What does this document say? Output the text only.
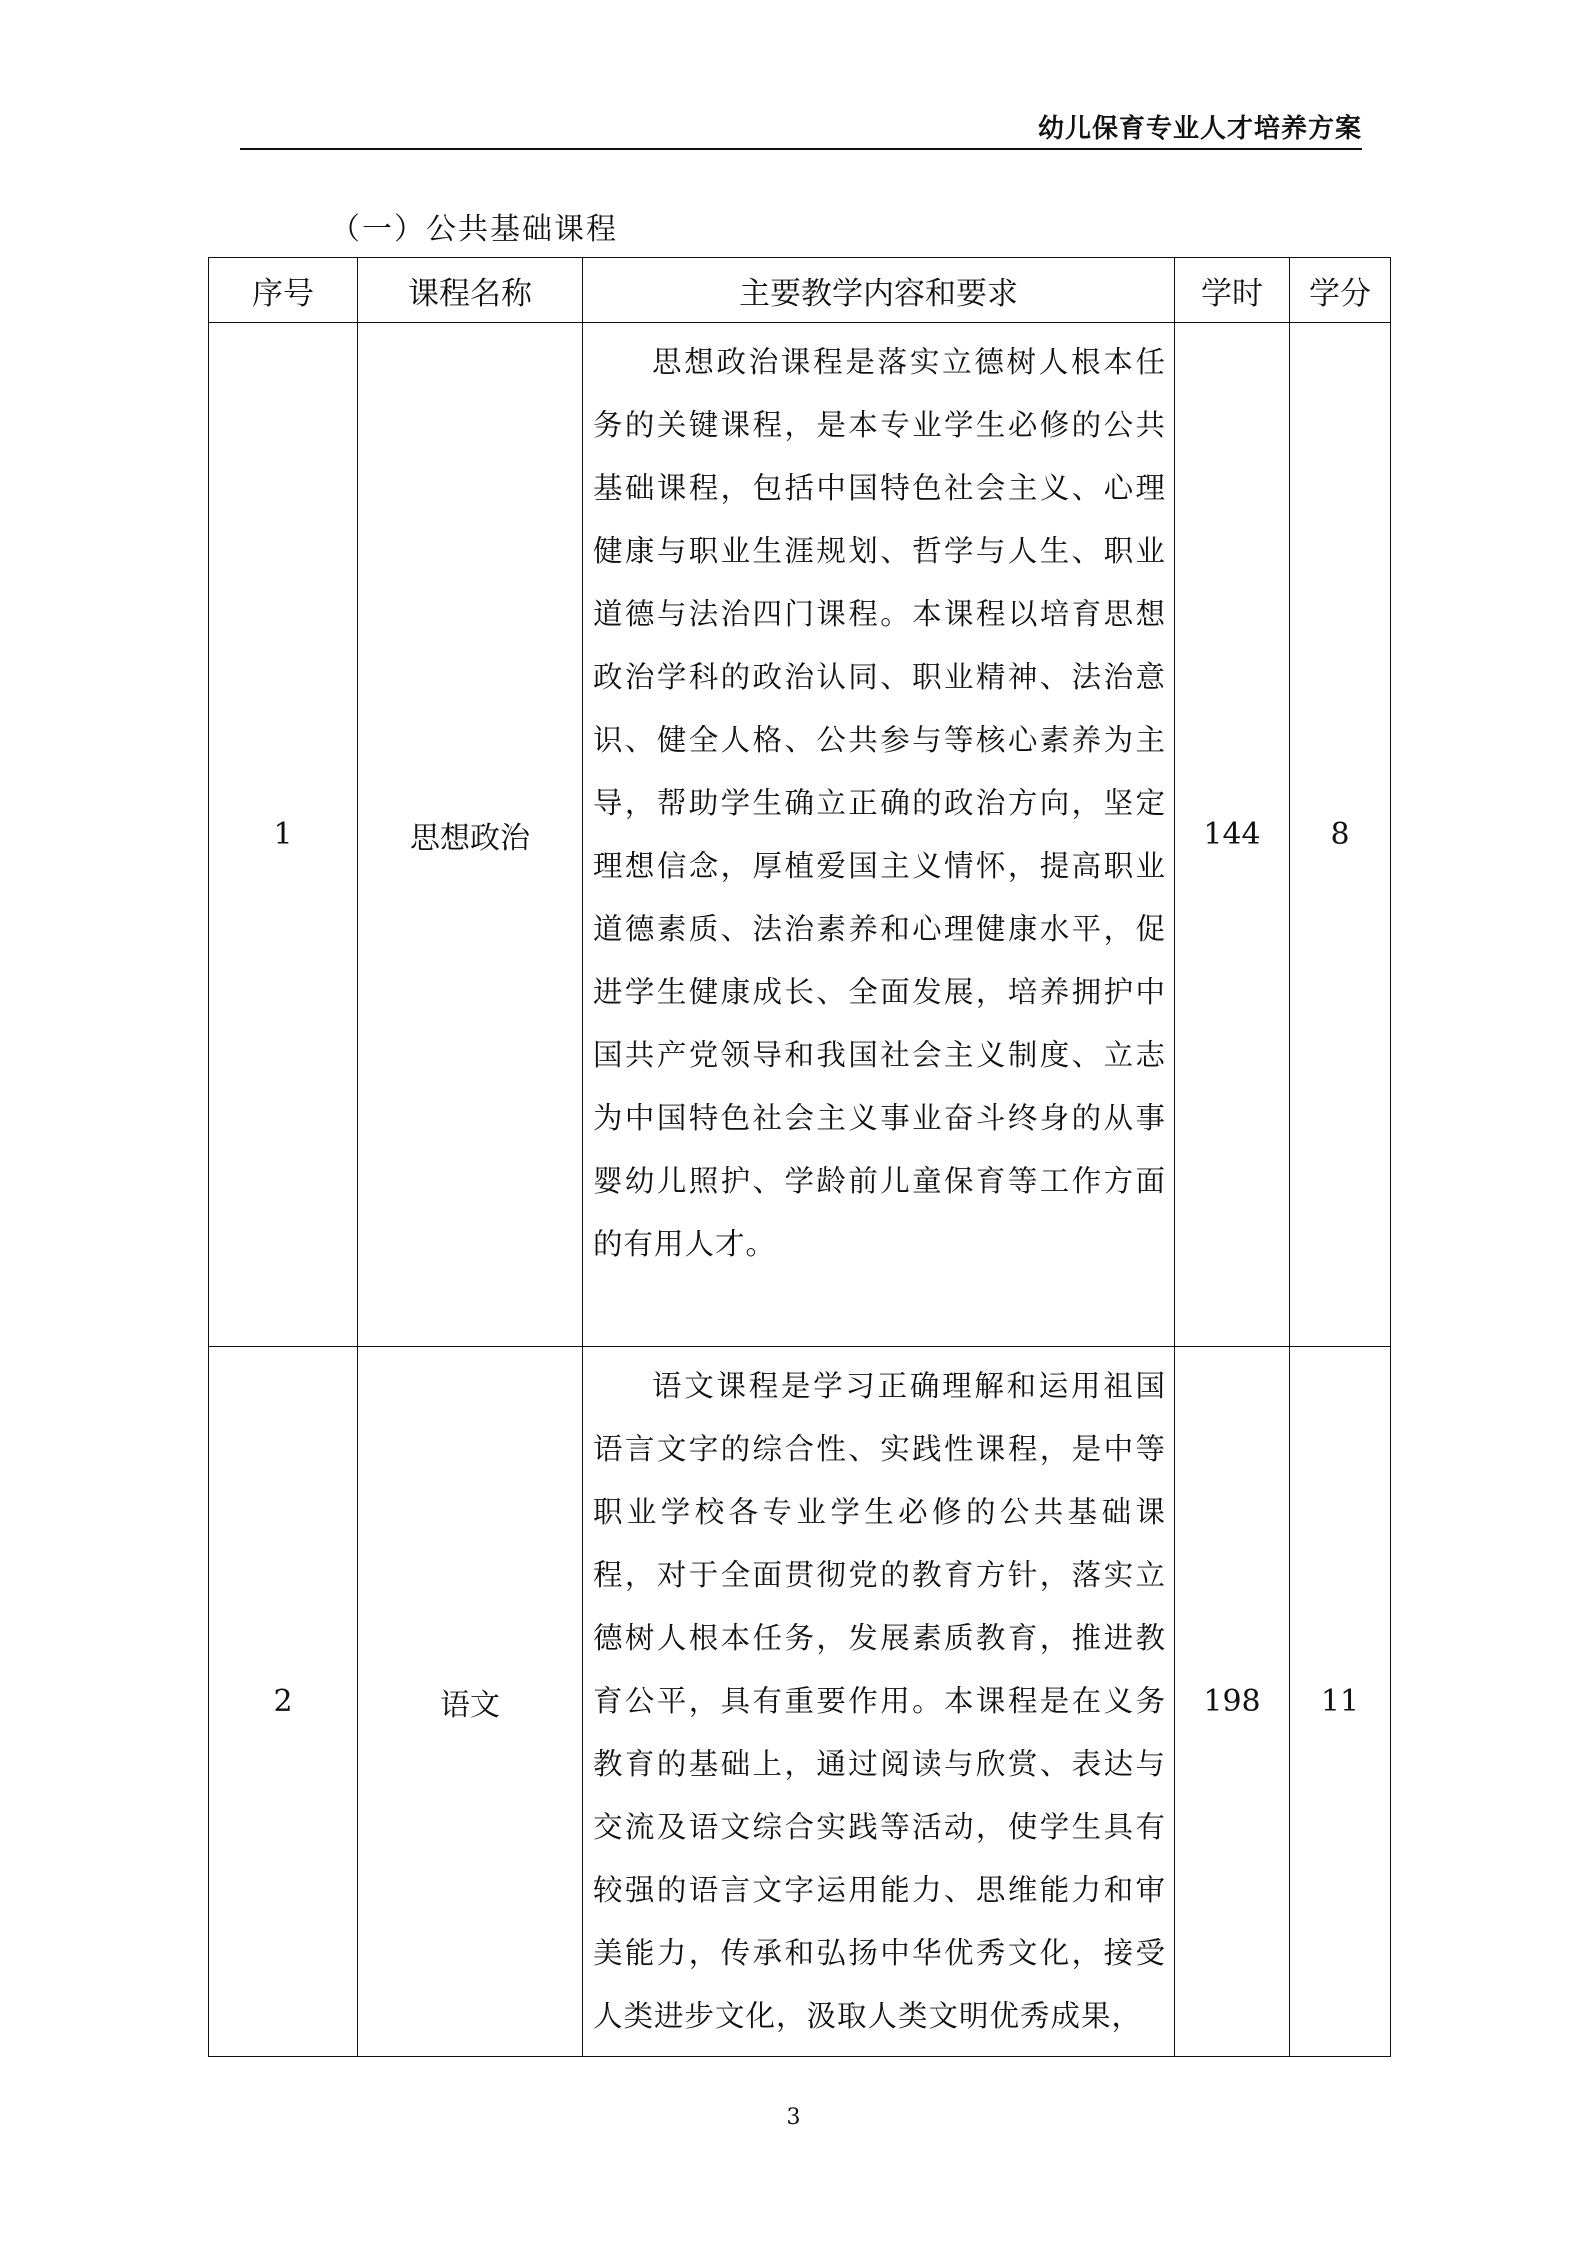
幼儿保育专业人才培养方案
（一）公共基础课程
序号	课程名称	主要教学内容和要求	学时	学分
1	思想政治	思想政治课程是落实立德树人根本任务的关键课程，是本专业学生必修的公共基础课程，包括中国特色社会主义、心理健康与职业生涯规划、哲学与人生、职业道德与法治四门课程。本课程以培育思想政治学科的政治认同、职业精神、法治意识、健全人格、公共参与等核心素养为主导，帮助学生确立正确的政治方向，坚定理想信念，厚植爱国主义情怀，提高职业道德素质、法治素养和心理健康水平，促进学生健康成长、全面发展，培养拥护中国共产党领导和我国社会主义制度、立志为中国特色社会主义事业奋斗终身的从事婴幼儿照护、学龄前儿童保育等工作方面的有用人才。	144	8
2	语文	语文课程是学习正确理解和运用祖国语言文字的综合性、实践性课程，是中等职业学校各专业学生必修的公共基础课程，对于全面贯彻党的教育方针，落实立德树人根本任务，发展素质教育，推进教育公平，具有重要作用。本课程是在义务教育的基础上，通过阅读与欣赏、表达与交流及语文综合实践等活动，使学生具有较强的语言文字运用能力、思维能力和审美能力，传承和弘扬中华优秀文化，接受人类进步文化，汲取人类文明优秀成果，	198	11
3
